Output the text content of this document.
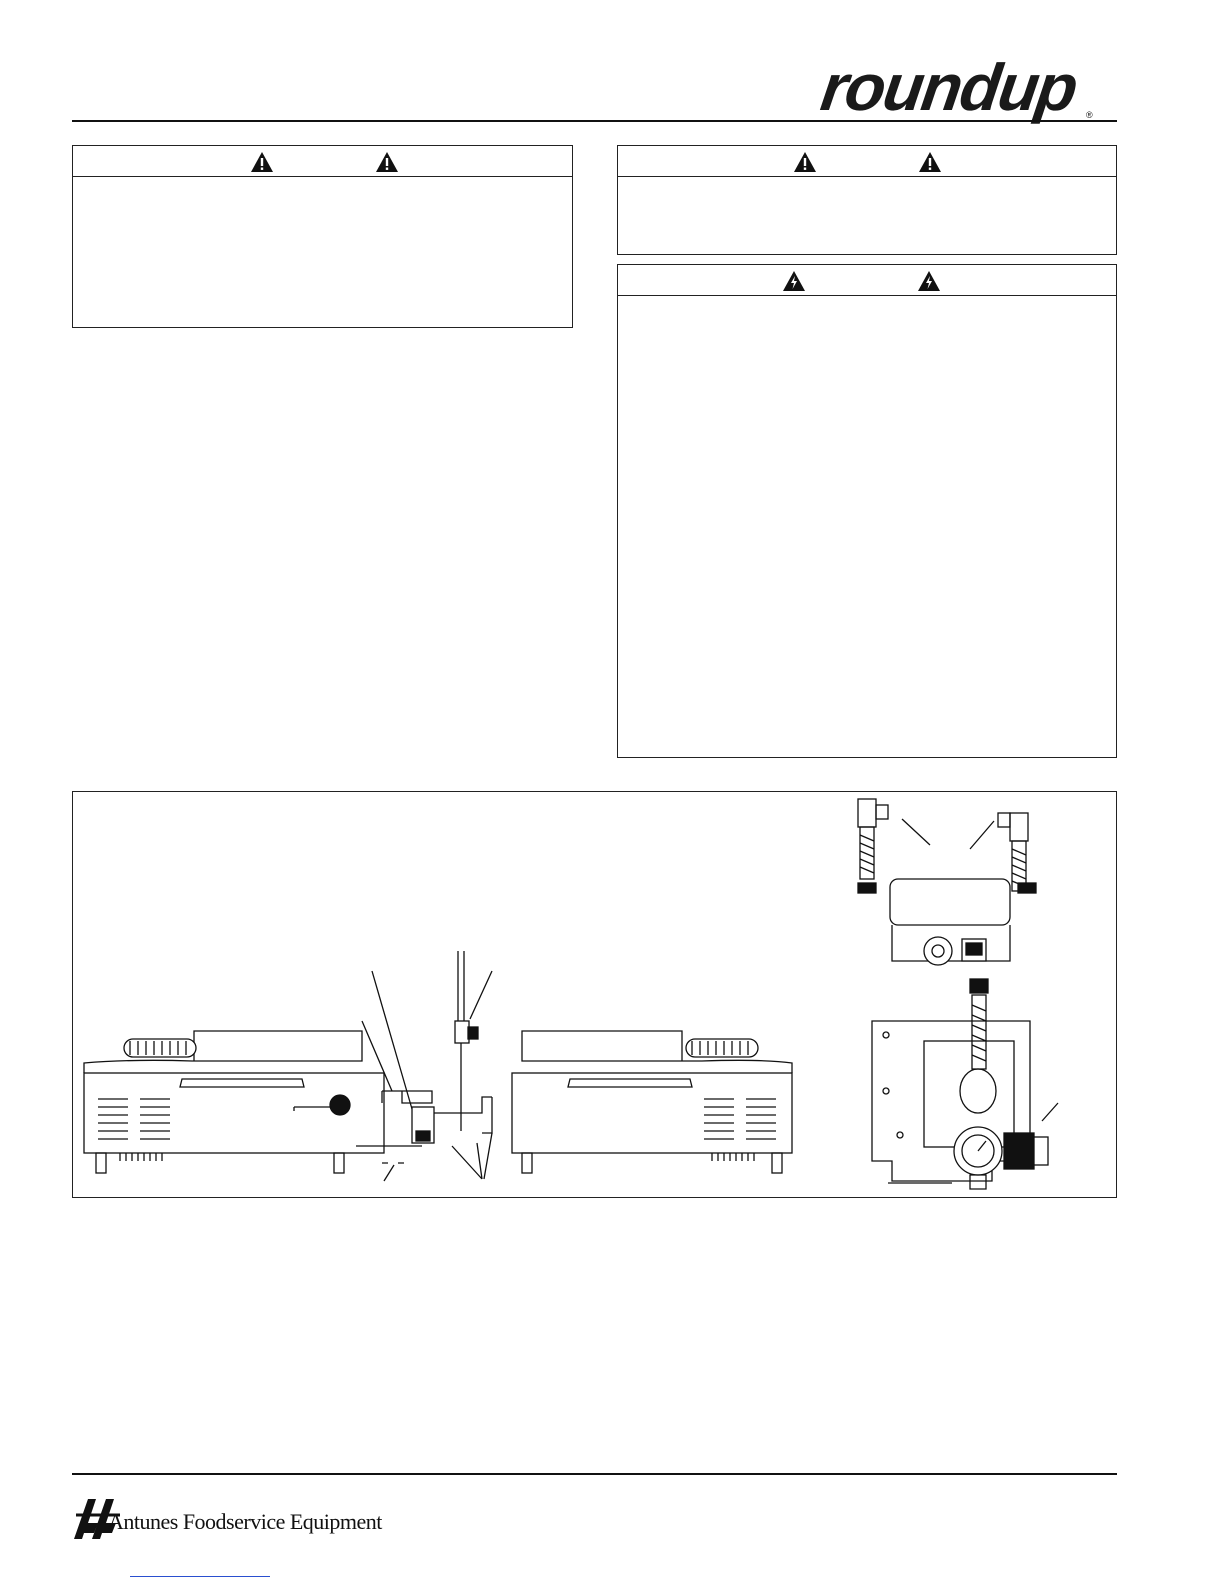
roundup ®
Antunes Foodservice Equipment
